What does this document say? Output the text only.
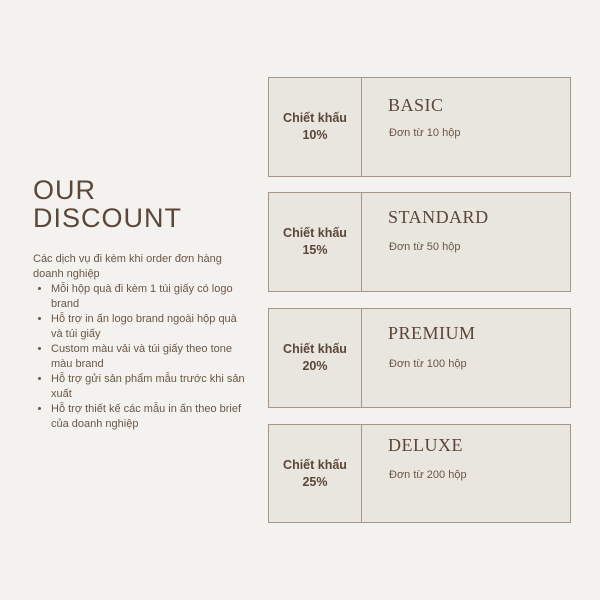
OUR
DISCOUNT
Các dịch vụ đi kèm khi order đơn hàng doanh nghiệp
• Mỗi hộp quà đi kèm 1 túi giấy có logo brand
• Hỗ trợ in ấn logo brand ngoài hộp quà và túi giấy
• Custom màu vải và túi giấy theo tone màu brand
• Hỗ trợ gửi sản phẩm mẫu trước khi sản xuất
• Hỗ trợ thiết kế các mẫu in ấn theo brief của doanh nghiệp
Chiết khấu
10%
BASIC
Đơn từ 10 hộp
Chiết khấu
15%
STANDARD
Đơn từ 50 hộp
Chiết khấu
20%
PREMIUM
Đơn từ 100 hộp
Chiết khấu
25%
DELUXE
Đơn từ 200 hộp
